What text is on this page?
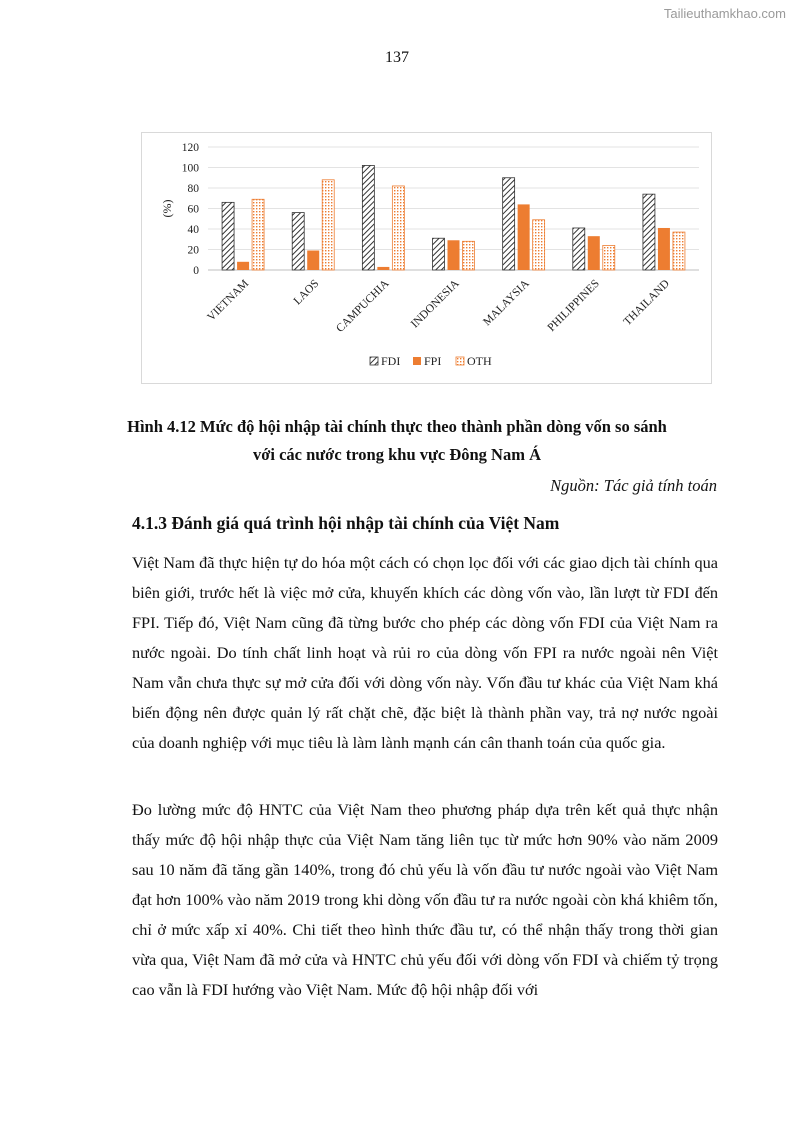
Tailieuthamkhao.com
137
0
20
40
60
80
100
120
(%)
VIETNAM	LAOS CAMPUCHIA INDONESIA MALAYSIA PHILIPPINES THAILAND
FDI FPI OTH
Hình 4.12 Mức độ hội nhập tài chính thực theo thành phần dòng vốn so sánh
với các nước trong khu vực Đông Nam Á
Nguồn: Tác giả tính toán
4.1.3 Đánh giá quá trình hội nhập tài chính của Việt Nam

Việt Nam đã thực hiện tự do hóa một cách có chọn lọc đối với các giao dịch tài chính qua biên giới, trước hết là việc mở cửa, khuyến khích các dòng vốn vào, lần lượt từ FDI đến FPI. Tiếp đó, Việt Nam cũng đã từng bước cho phép các dòng vốn FDI của Việt Nam ra nước ngoài. Do tính chất linh hoạt và rủi ro của dòng vốn FPI ra nước ngoài nên Việt Nam vẫn chưa thực sự mở cửa đối với dòng vốn này. Vốn đầu tư khác của Việt Nam khá biến động nên được quản lý rất chặt chẽ, đặc biệt là thành phần vay, trả nợ nước ngoài của doanh nghiệp với mục tiêu là làm lành mạnh cán cân thanh toán của quốc gia.

Đo lường mức độ HNTC của Việt Nam theo phương pháp dựa trên kết quả thực nhận thấy mức độ hội nhập thực của Việt Nam tăng liên tục từ mức hơn 90% vào năm 2009 sau 10 năm đã tăng gần 140%, trong đó chủ yếu là vốn đầu tư nước ngoài vào Việt Nam đạt hơn 100% vào năm 2019 trong khi dòng vốn đầu tư ra nước ngoài còn khá khiêm tốn, chỉ ở mức xấp xỉ 40%. Chi tiết theo hình thức đầu tư, có thể nhận thấy trong thời gian vừa qua, Việt Nam đã mở cửa và HNTC chủ yếu đối với dòng vốn FDI và chiếm tỷ trọng cao vẫn là FDI hướng vào Việt Nam. Mức độ hội nhập đối với
